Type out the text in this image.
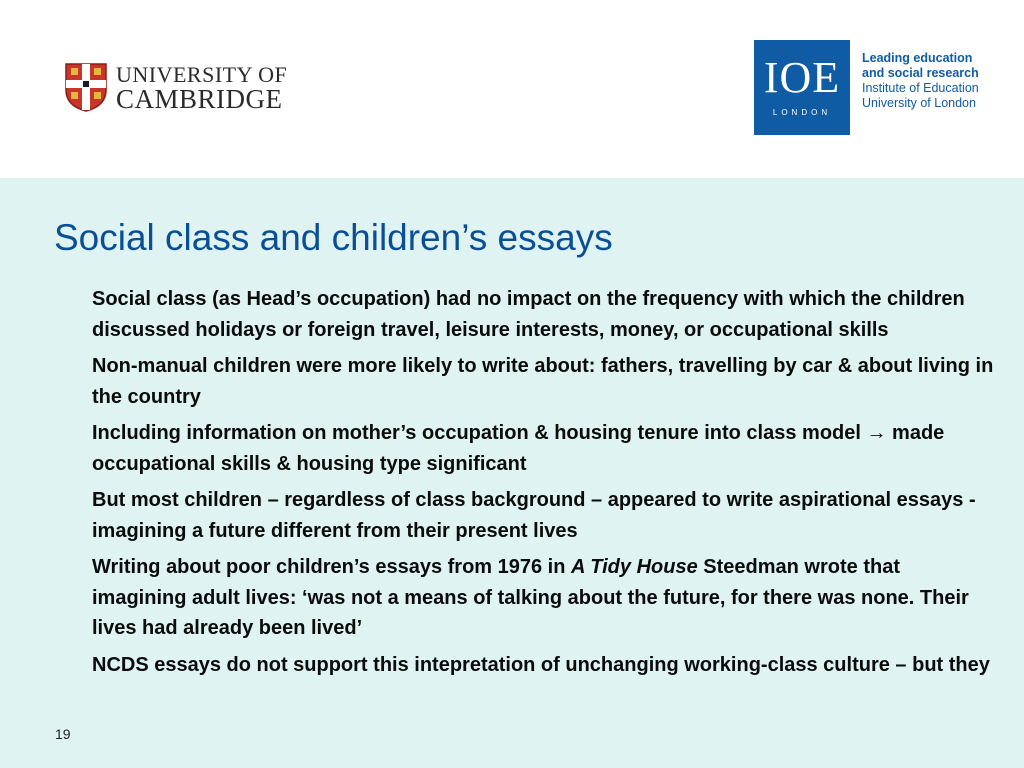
UNIVERSITY OF
CAMBRIDGE	IOE
LONDON
Leading education
and social research
Institute of Education
University of London
Social class and children’s essays
Social class (as Head’s occupation) had no impact on the frequency with which the children discussed holidays or foreign travel, leisure interests, money, or occupational skills
Non-manual children were more likely to write about: fathers, travelling by car & about living in the country
Including information on mother’s occupation & housing tenure into class model → made occupational skills & housing type significant
But most children – regardless of class background – appeared to write aspirational essays - imagining a future different from their present lives
Writing about poor children’s essays from 1976 in A Tidy House Steedman wrote that imagining adult lives: ‘was not a means of talking about the future, for there was none. Their lives had already been lived’
NCDS essays do not support this intepretation of unchanging working-class culture – but they
19
